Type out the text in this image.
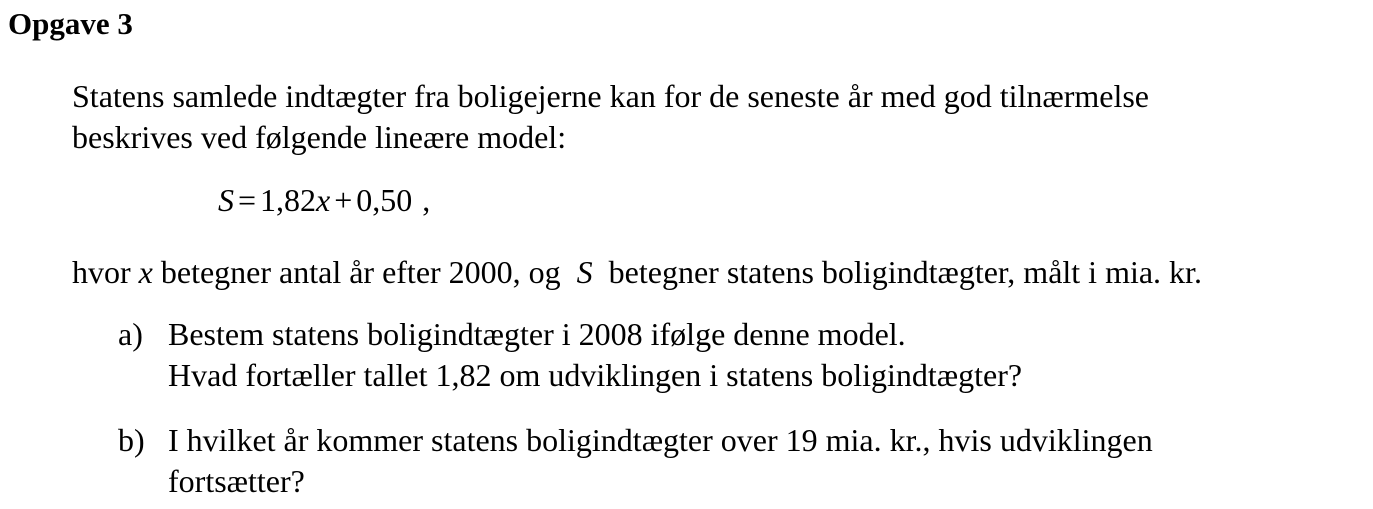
Opgave 3
Statens samlede indtægter fra boligejerne kan for de seneste år med god tilnærmelse
beskrives ved følgende lineære model:
S = 1,82x + 0,50 ,
hvor x betegner antal år efter 2000, og S betegner statens boligindtægter, målt i mia. kr.
a) Bestem statens boligindtægter i 2008 ifølge denne model.
Hvad fortæller tallet 1,82 om udviklingen i statens boligindtægter?
b) I hvilket år kommer statens boligindtægter over 19 mia. kr., hvis udviklingen
fortsætter?
